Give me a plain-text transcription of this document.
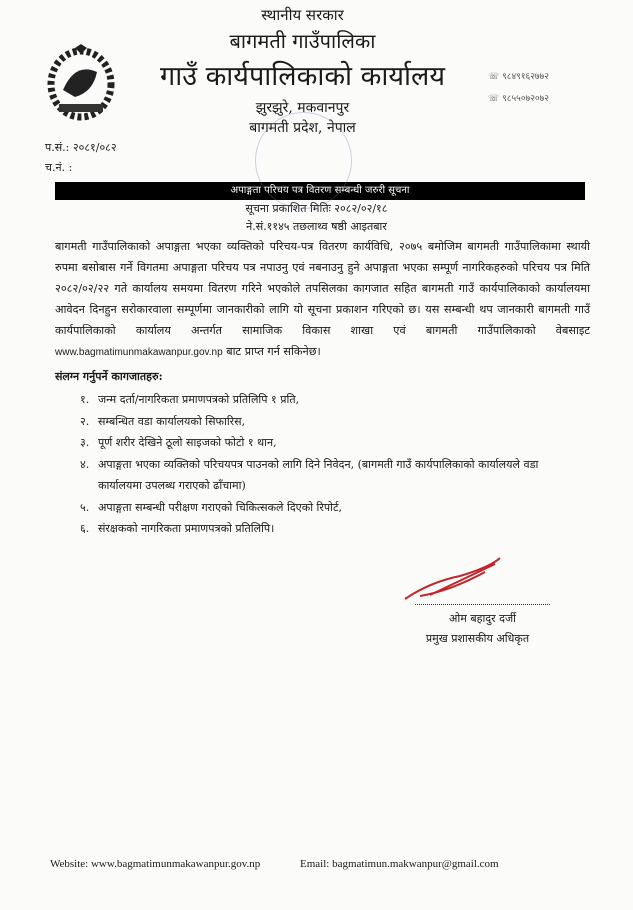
स्थानीय सरकार
बागमती गाउँपालिका
गाउँ कार्यपालिकाको कार्यालय
झुरझुरे, मकवानपुर
बागमती प्रदेश, नेपाल
☏ ९८४९१६२७७२
☏ ९८५५०७२०७२
प.सं.: २०८१/०८२
च.नं. :
अपाङ्गता परिचय पत्र वितरण सम्बन्धी जरुरी सूचना
सूचना प्रकाशित मितिः २०८२/०२/१८
ने.सं.११४५ तछलाथ्व षष्ठी आइतबार
बागमती गाउँपालिकाको अपाङ्गता भएका व्यक्तिको परिचय-पत्र वितरण कार्यविधि, २०७५ बमोजिम बागमती गाउँपालिकामा स्थायी रुपमा बसोबास गर्ने विगतमा अपाङ्गता परिचय पत्र नपाउनु एवं नबनाउनु हुने अपाङ्गता भएका सम्पूर्ण नागरिकहरुको परिचय पत्र मिति २०८२/०२/२२ गते कार्यालय समयमा वितरण गरिने भएकोले तपसिलका कागजात सहित बागमती गाउँ कार्यपालिकाको कार्यालयमा आवेदन दिनहुन सरोकारवाला सम्पूर्णमा जानकारीको लागि यो सूचना प्रकाशन गरिएको छ। यस सम्बन्धी थप जानकारी बागमती गाउँ कार्यपालिकाको कार्यालय अन्तर्गत सामाजिक विकास शाखा एवं बागमती गाउँपालिकाको वेबसाइट www.bagmatimunmakawanpur.gov.np बाट प्राप्त गर्न सकिनेछ।
संलग्न गर्नुपर्ने कागजातहरु:
१. जन्म दर्ता/नागरिकता प्रमाणपत्रको प्रतिलिपि १ प्रति,
२. सम्बन्धित वडा कार्यालयको सिफारिस,
३. पूर्ण शरीर देखिने ठूलो साइजको फोटो १ थान,
४. अपाङ्गता भएका व्यक्तिको परिचयपत्र पाउनको लागि दिने निवेदन, (बागमती गाउँ कार्यपालिकाको कार्यालयले वडा कार्यालयमा उपलब्ध गराएको ढाँचामा)
५. अपाङ्गता सम्बन्धी परीक्षण गराएको चिकित्सकले दिएको रिपोर्ट,
६. संरक्षकको नागरिकता प्रमाणपत्रको प्रतिलिपि।
ओम बहादुर दर्जी
प्रमुख प्रशासकीय अधिकृत
Website: www.bagmatimunmakawanpur.gov.np	Email: bagmatimun.makwanpur@gmail.com
